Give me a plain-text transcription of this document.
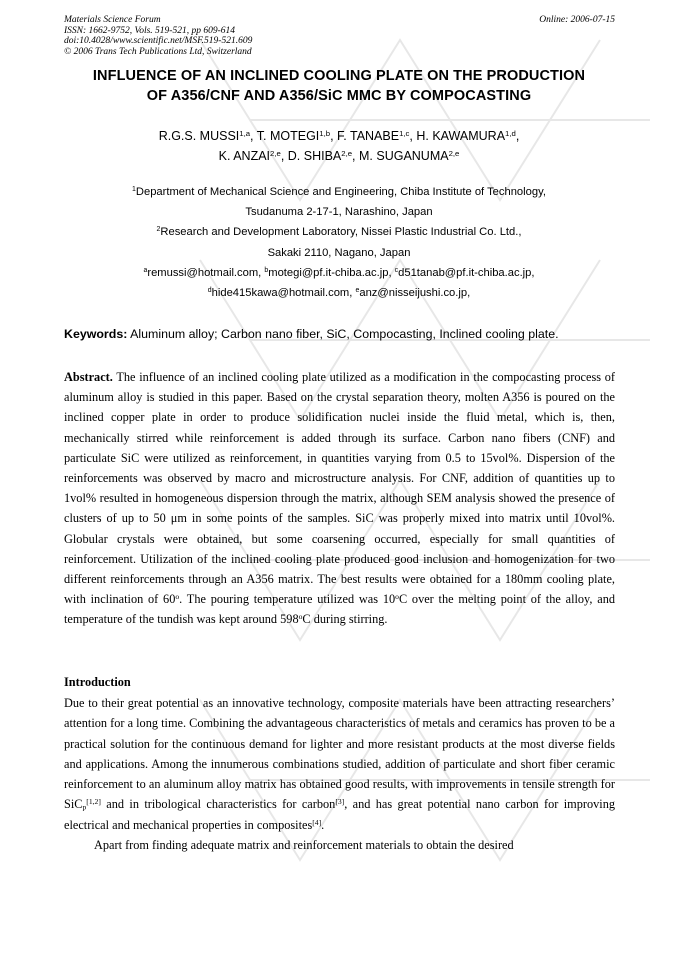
Materials Science Forum
ISSN: 1662-9752, Vols. 519-521, pp 609-614
doi:10.4028/www.scientific.net/MSF.519-521.609
© 2006 Trans Tech Publications Ltd, Switzerland
Online: 2006-07-15
INFLUENCE OF AN INCLINED COOLING PLATE ON THE PRODUCTION
OF A356/CNF AND A356/SiC MMC BY COMPOCASTING
R.G.S. MUSSI$^{1,a}$, T. MOTEGI$^{1,b}$, F. TANABE$^{1,c}$, H. KAWAMURA$^{1,d}$,
K. ANZAI$^{2,e}$, D. SHIBA$^{2,e}$, M. SUGANUMA$^{2,e}$
$^1$Department of Mechanical Science and Engineering, Chiba Institute of Technology,
Tsudanuma 2-17-1, Narashino, Japan
$^2$Research and Development Laboratory, Nissei Plastic Industrial Co. Ltd.,
Sakaki 2110, Nagano, Japan
$^a$remussi@hotmail.com, $^b$motegi@pf.it-chiba.ac.jp, $^c$d51tanab@pf.it-chiba.ac.jp,
$^d$hide415kawa@hotmail.com, $^e$anz@nisseijushi.co.jp,
Keywords: Aluminum alloy; Carbon nano fiber, SiC, Compocasting, Inclined cooling plate.
Abstract. The influence of an inclined cooling plate utilized as a modification in the compocasting process of aluminum alloy is studied in this paper. Based on the crystal separation theory, molten A356 is poured on the inclined copper plate in order to produce solidification nuclei inside the fluid metal, which is, then, mechanically stirred while reinforcement is added through its surface. Carbon nano fibers (CNF) and particulate SiC were utilized as reinforcement, in quantities varying from 0.5 to 15vol%. Dispersion of the reinforcements was observed by macro and microstructure analysis. For CNF, addition of quantities up to 1vol% resulted in homogeneous dispersion through the matrix, although SEM analysis showed the presence of clusters of up to 50 μm in some points of the samples. SiC was properly mixed into matrix until 10vol%. Globular crystals were obtained, but some coarsening occurred, especially for small quantities of reinforcement. Utilization of the inclined cooling plate produced good inclusion and homogenization for two different reinforcements through an A356 matrix. The best results were obtained for a 180mm cooling plate, with inclination of 60$^o$. The pouring temperature utilized was 10$^o$C over the melting point of the alloy, and temperature of the tundish was kept around 598$^o$C during stirring.
Introduction

Due to their great potential as an innovative technology, composite materials have been attracting researchers’ attention for a long time. Combining the advantageous characteristics of metals and ceramics has proven to be a practical solution for the continuous demand for lighter and more resistant products at the most diverse fields and applications. Among the innumerous combinations studied, addition of particulate and short fiber ceramic reinforcement to an aluminum alloy matrix has obtained good results, with improvements in tensile strength for SiC$_p$[1,2] and in tribological characteristics for carbon[3], and has great potential nano carbon for improving electrical and mechanical properties in composites[4].

Apart from finding adequate matrix and reinforcement materials to obtain the desired
